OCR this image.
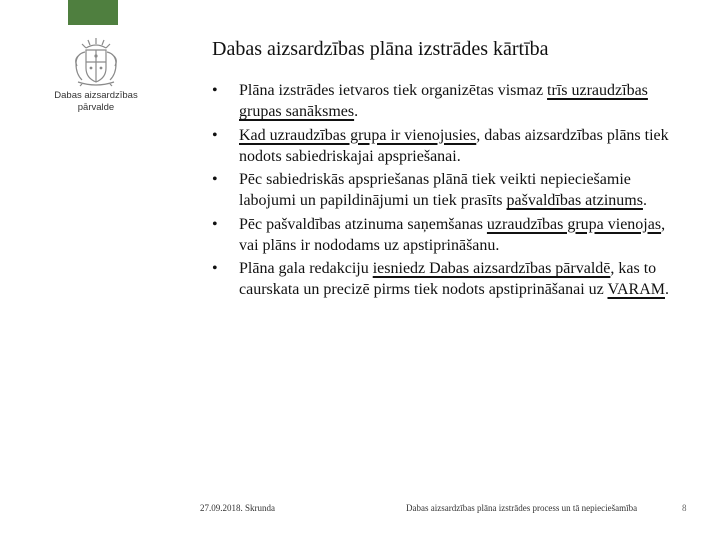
Dabas aizsardzības
pārvalde
Dabas aizsardzības plāna izstrādes kārtība
• Plāna izstrādes ietvaros tiek organizētas vismaz trīs uzraudzības grupas sanāksmes.
• Kad uzraudzības grupa ir vienojusies, dabas aizsardzības plāns tiek nodots sabiedriskajai apspriešanai.
• Pēc sabiedriskās apspriešanas plānā tiek veikti nepieciešamie labojumi un papildinājumi un tiek prasīts pašvaldības atzinums.
• Pēc pašvaldības atzinuma saņemšanas uzraudzības grupa vienojas, vai plāns ir nododams uz apstiprināšanu.
• Plāna gala redakciju iesniedz Dabas aizsardzības pārvaldē, kas to caurskata un precizē pirms tiek nodots apstiprināšanai uz VARAM.
27.09.2018. Skrunda	Dabas aizsardzības plāna izstrādes process un tā nepieciešamība	8
